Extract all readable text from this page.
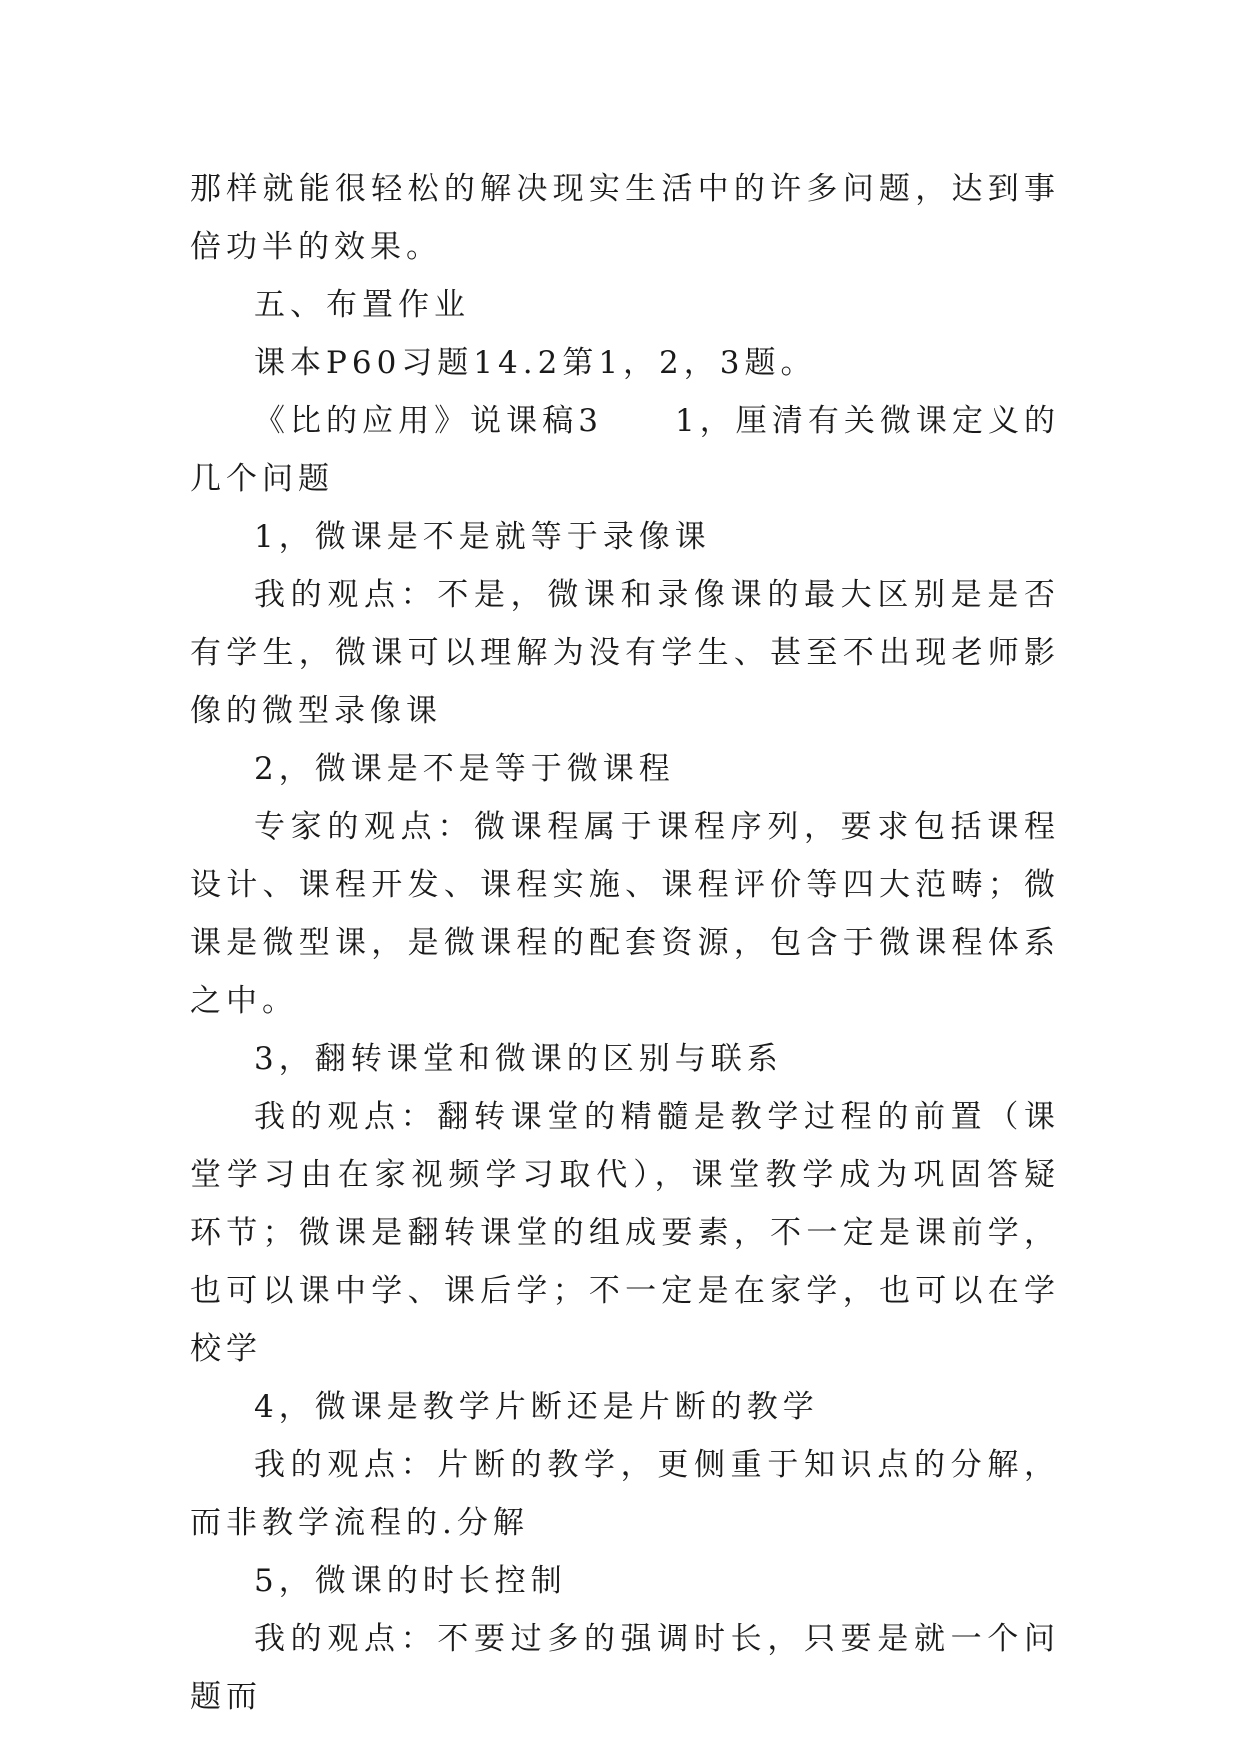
那样就能很轻松的解决现实生活中的许多问题，达到事倍功半的效果。

五、布置作业

课本P60习题14.2第1，2，3题。

《比的应用》说课稿3　　1，厘清有关微课定义的几个问题

1，微课是不是就等于录像课

我的观点：不是，微课和录像课的最大区别是是否有学生，微课可以理解为没有学生、甚至不出现老师影像的微型录像课

2，微课是不是等于微课程

专家的观点：微课程属于课程序列，要求包括课程设计、课程开发、课程实施、课程评价等四大范畴；微课是微型课，是微课程的配套资源，包含于微课程体系之中。

3，翻转课堂和微课的区别与联系

我的观点：翻转课堂的精髓是教学过程的前置（课堂学习由在家视频学习取代），课堂教学成为巩固答疑环节；微课是翻转课堂的组成要素，不一定是课前学，也可以课中学、课后学；不一定是在家学，也可以在学校学

4，微课是教学片断还是片断的教学

我的观点：片断的教学，更侧重于知识点的分解，而非教学流程的.分解

5，微课的时长控制

我的观点：不要过多的强调时长，只要是就一个问题而
